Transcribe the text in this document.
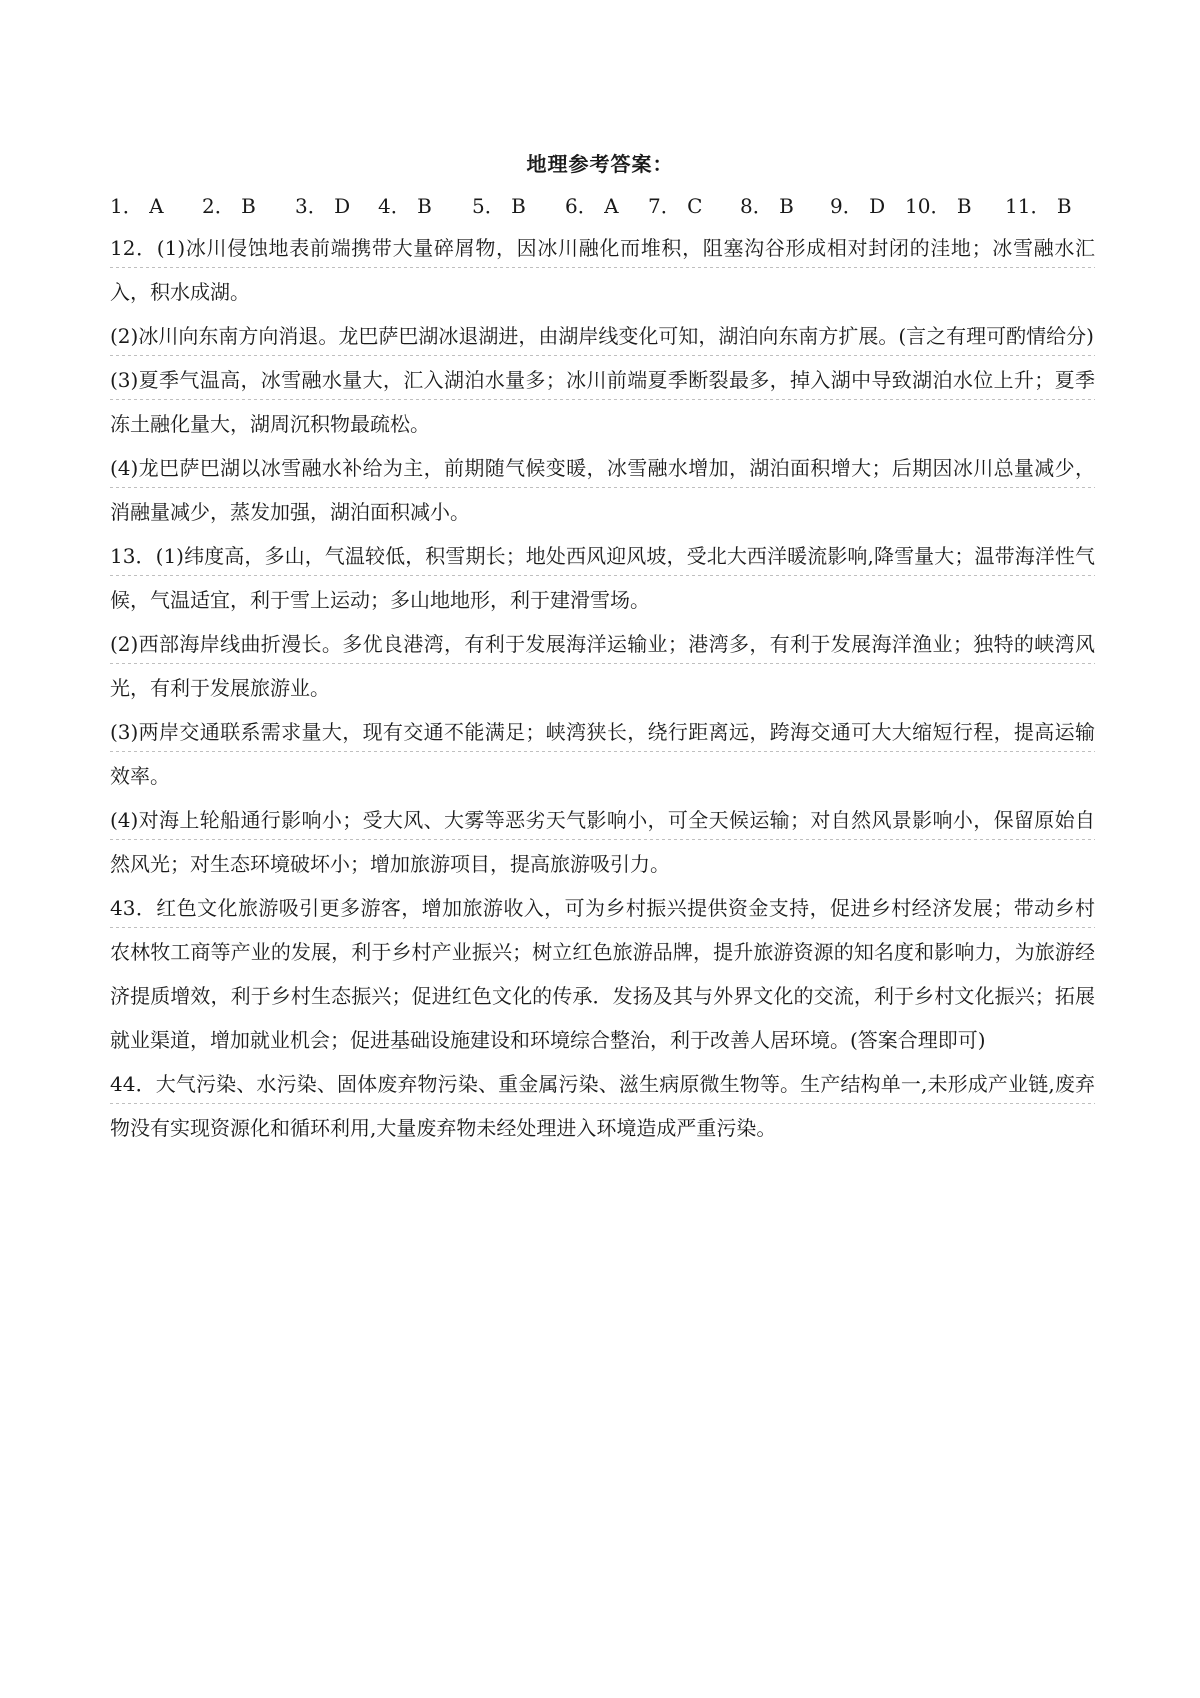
地理参考答案：
1． A 2． B 3． D 4． B 5． B 6． A 7． C 8． B 9． D 10． B 11． B

12．(1)冰川侵蚀地表前端携带大量碎屑物，因冰川融化而堆积，阻塞沟谷形成相对封闭的洼地；冰雪融水汇入，积水成湖。

(2)冰川向东南方向消退。龙巴萨巴湖冰退湖进，由湖岸线变化可知，湖泊向东南方扩展。(言之有理可酌情给分)

(3)夏季气温高，冰雪融水量大，汇入湖泊水量多；冰川前端夏季断裂最多，掉入湖中导致湖泊水位上升；夏季冻土融化量大，湖周沉积物最疏松。

(4)龙巴萨巴湖以冰雪融水补给为主，前期随气候变暖，冰雪融水增加，湖泊面积增大；后期因冰川总量减少，消融量减少，蒸发加强，湖泊面积减小。

13．(1)纬度高，多山，气温较低，积雪期长；地处西风迎风坡，受北大西洋暖流影响,降雪量大；温带海洋性气候，气温适宜，利于雪上运动；多山地地形，利于建滑雪场。

(2)西部海岸线曲折漫长。多优良港湾，有利于发展海洋运输业；港湾多，有利于发展海洋渔业；独特的峡湾风光，有利于发展旅游业。

(3)两岸交通联系需求量大，现有交通不能满足；峡湾狭长，绕行距离远，跨海交通可大大缩短行程，提高运输效率。

(4)对海上轮船通行影响小；受大风、大雾等恶劣天气影响小，可全天候运输；对自然风景影响小，保留原始自然风光；对生态环境破坏小；增加旅游项目，提高旅游吸引力。

43．红色文化旅游吸引更多游客，增加旅游收入，可为乡村振兴提供资金支持，促进乡村经济发展；带动乡村农林牧工商等产业的发展，利于乡村产业振兴；树立红色旅游品牌，提升旅游资源的知名度和影响力，为旅游经济提质增效，利于乡村生态振兴；促进红色文化的传承．发扬及其与外界文化的交流，利于乡村文化振兴；拓展就业渠道，增加就业机会；促进基础设施建设和环境综合整治，利于改善人居环境。(答案合理即可)

44．大气污染、水污染、固体废弃物污染、重金属污染、滋生病原微生物等。生产结构单一,未形成产业链,废弃物没有实现资源化和循环利用,大量废弃物未经处理进入环境造成严重污染。
